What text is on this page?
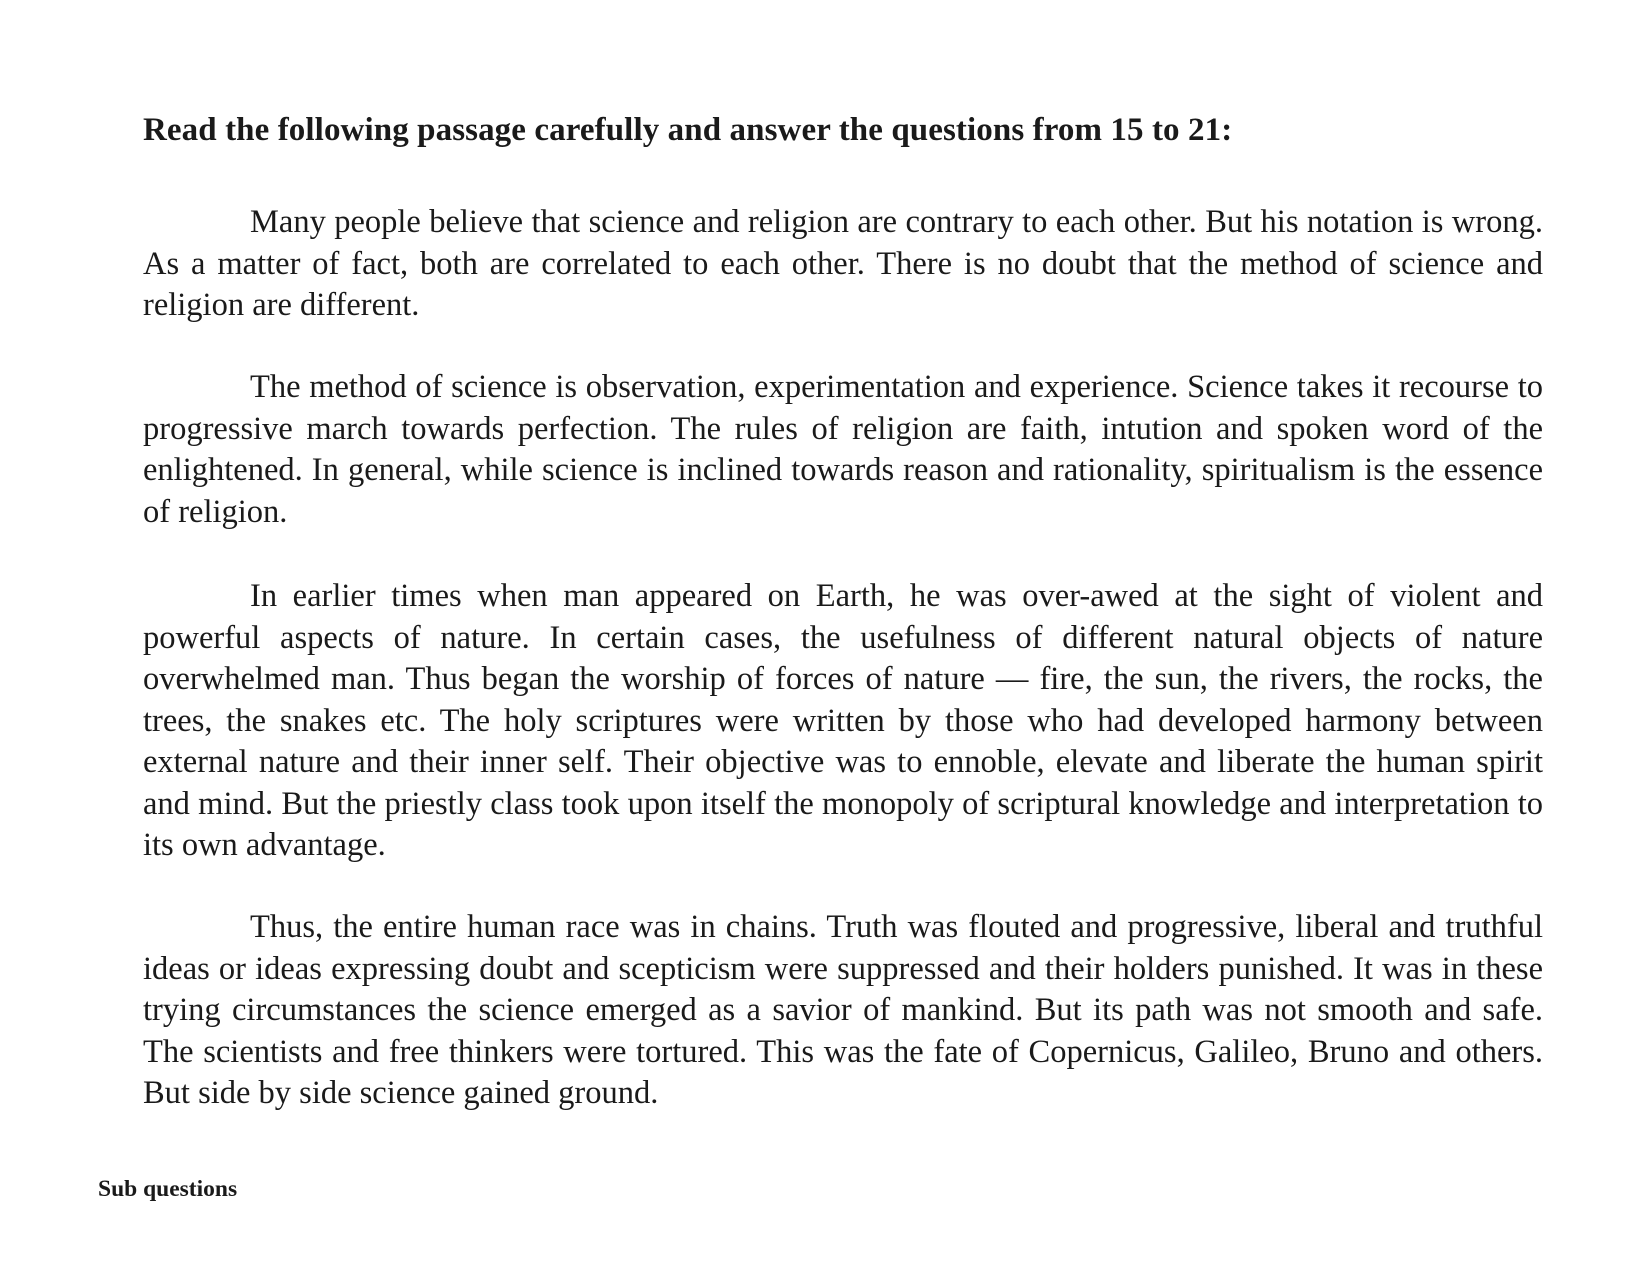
Read the following passage carefully and answer the questions from 15 to 21:

Many people believe that science and religion are contrary to each other. But his notation is wrong. As a matter of fact, both are correlated to each other. There is no doubt that the method of science and religion are different.

The method of science is observation, experimentation and experience. Science takes it recourse to progressive march towards perfection. The rules of religion are faith, intution and spoken word of the enlightened. In general, while science is inclined towards reason and rationality, spiritualism is the essence of religion.

In earlier times when man appeared on Earth, he was over-awed at the sight of violent and powerful aspects of nature. In certain cases, the usefulness of different natural objects of nature overwhelmed man. Thus began the worship of forces of nature — fire, the sun, the rivers, the rocks, the trees, the snakes etc. The holy scriptures were written by those who had developed harmony between external nature and their inner self. Their objective was to ennoble, elevate and liberate the human spirit and mind. But the priestly class took upon itself the monopoly of scriptural knowledge and interpretation to its own advantage.

Thus, the entire human race was in chains. Truth was flouted and progressive, liberal and truthful ideas or ideas expressing doubt and scepticism were suppressed and their holders punished. It was in these trying circumstances the science emerged as a savior of mankind. But its path was not smooth and safe. The scientists and free thinkers were tortured. This was the fate of Copernicus, Galileo, Bruno and others. But side by side science gained ground.

Sub questions
